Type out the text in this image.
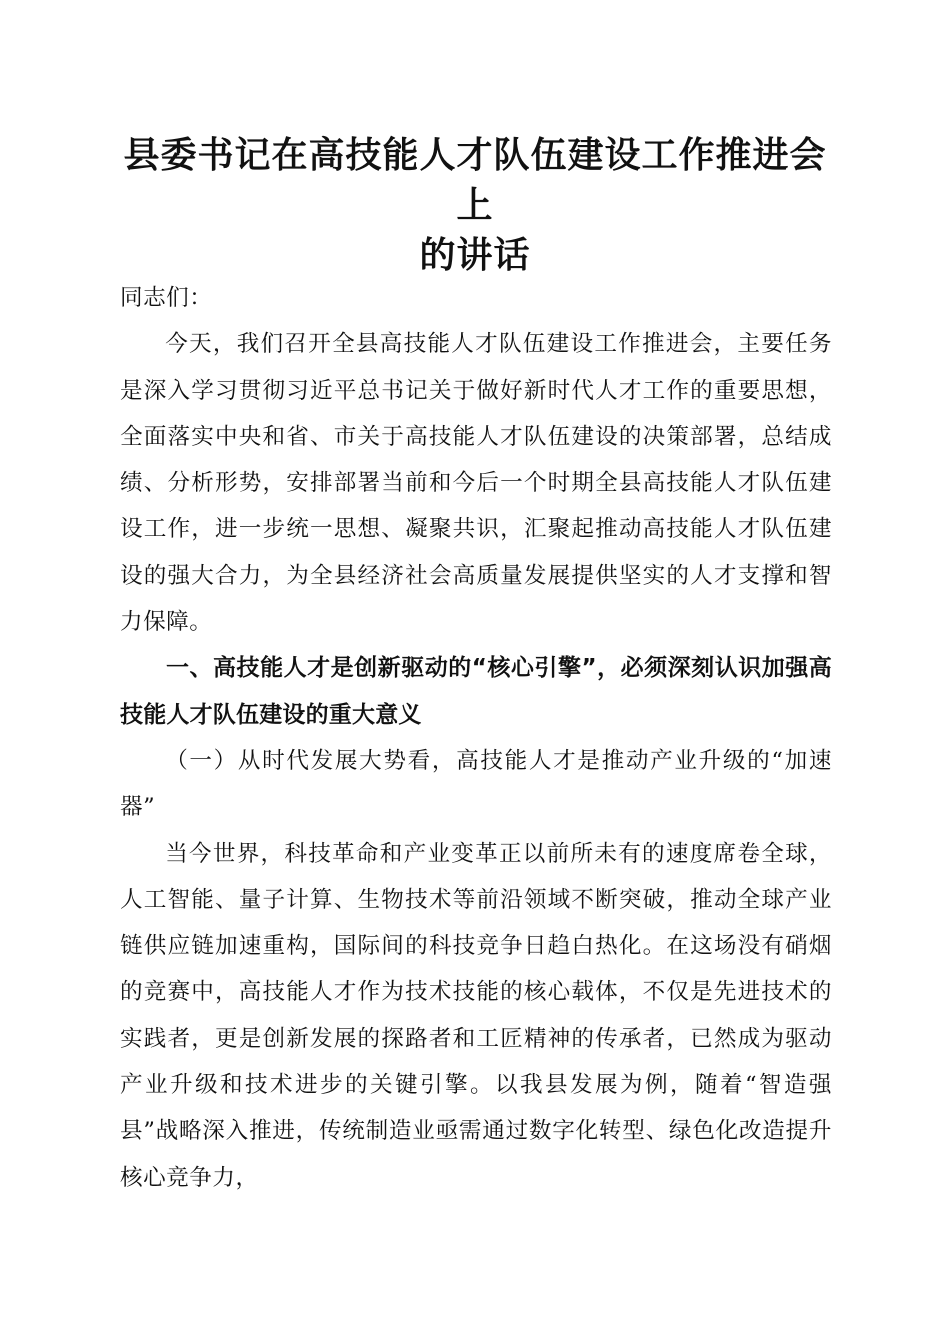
县委书记在高技能人才队伍建设工作推进会上
的讲话

同志们：

今天，我们召开全县高技能人才队伍建设工作推进会，主要任务是深入学习贯彻习近平总书记关于做好新时代人才工作的重要思想，全面落实中央和省、市关于高技能人才队伍建设的决策部署，总结成绩、分析形势，安排部署当前和今后一个时期全县高技能人才队伍建设工作，进一步统一思想、凝聚共识，汇聚起推动高技能人才队伍建设的强大合力，为全县经济社会高质量发展提供坚实的人才支撑和智力保障。

一、高技能人才是创新驱动的“核心引擎”，必须深刻认识加强高技能人才队伍建设的重大意义

（一）从时代发展大势看，高技能人才是推动产业升级的“加速器”

当今世界，科技革命和产业变革正以前所未有的速度席卷全球，人工智能、量子计算、生物技术等前沿领域不断突破，推动全球产业链供应链加速重构，国际间的科技竞争日趋白热化。在这场没有硝烟的竞赛中，高技能人才作为技术技能的核心载体，不仅是先进技术的实践者，更是创新发展的探路者和工匠精神的传承者，已然成为驱动产业升级和技术进步的关键引擎。以我县发展为例，随着“智造强县”战略深入推进，传统制造业亟需通过数字化转型、绿色化改造提升核心竞争力，
